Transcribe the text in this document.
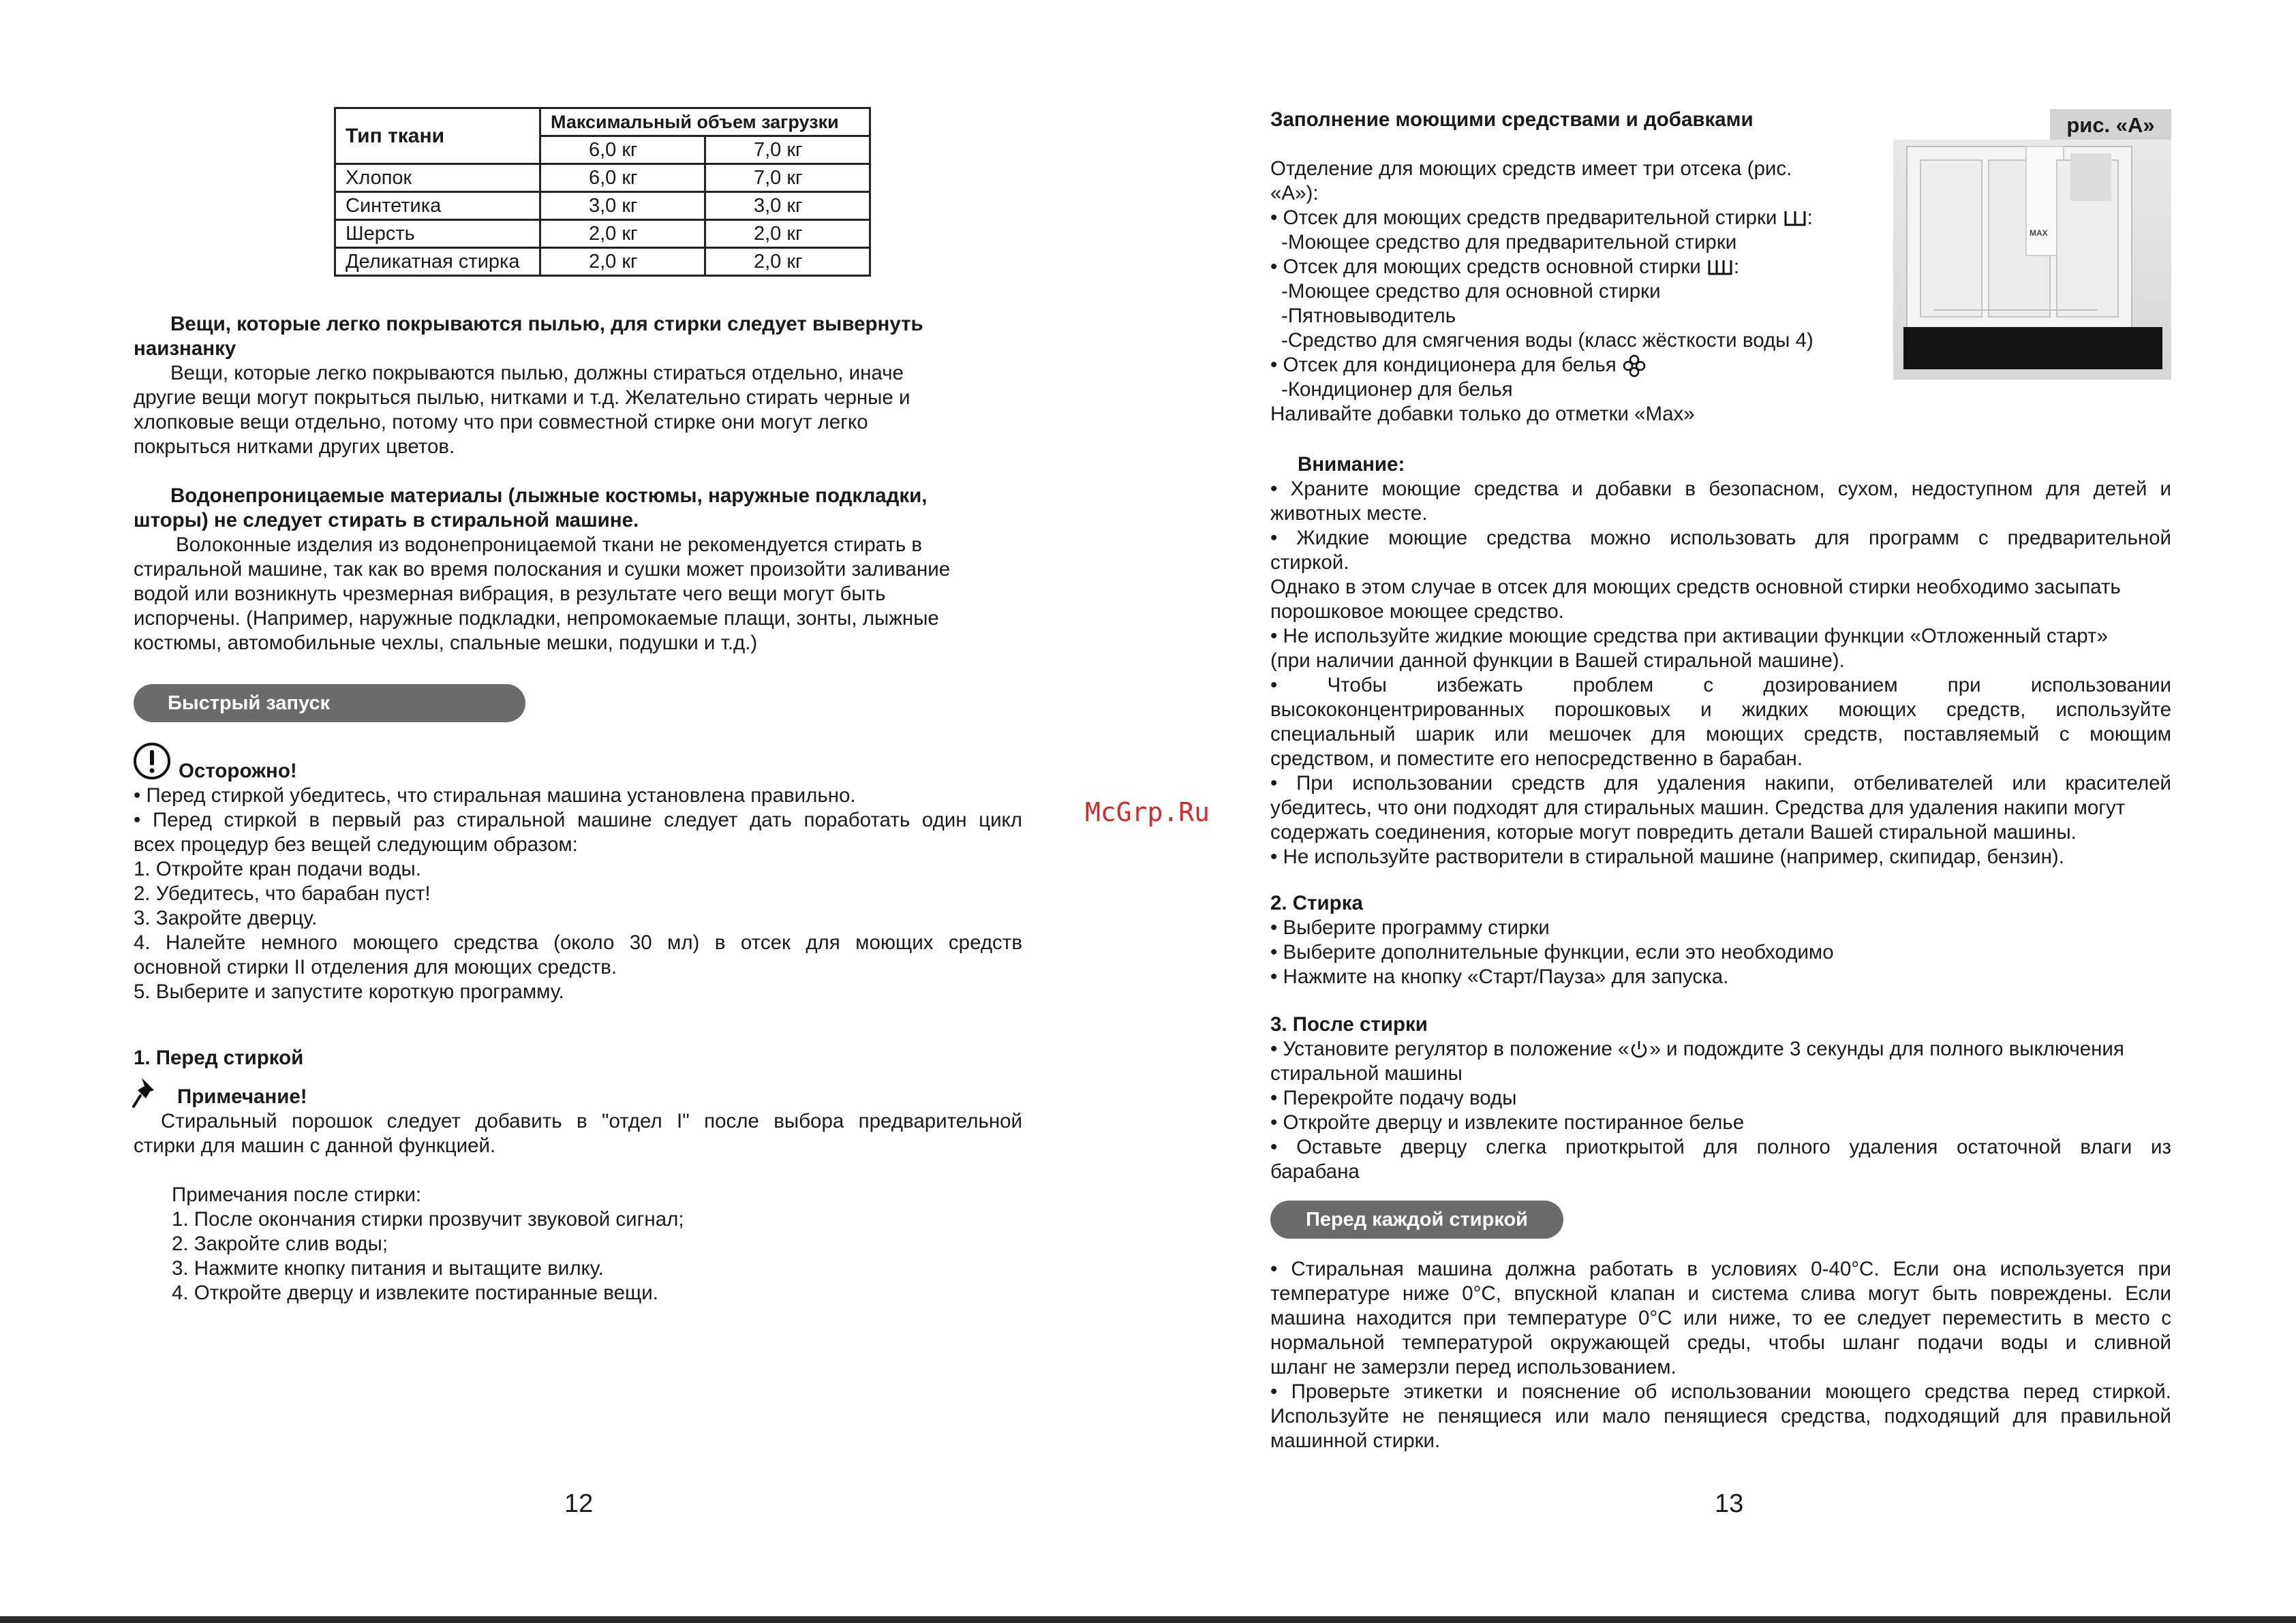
Тип ткани	Максимальный объем загрузки	
	6,0 кг	7,0 кг
Хлопок	6,0 кг	7,0 кг
Синтетика	3,0 кг	3,0 кг
Шерсть	2,0 кг	2,0 кг
Деликатная стирка	2,0 кг	2,0 кг
Вещи, которые легко покрываются пылью, для стирки следует вывернуть
наизнанку
Вещи, которые легко покрываются пылью, должны стираться отдельно, иначе
другие вещи могут покрыться пылью, нитками и т.д. Желательно стирать черные и
хлопковые вещи отдельно, потому что при совместной стирке они могут легко
покрыться нитками других цветов.
Водонепроницаемые материалы (лыжные костюмы, наружные подкладки,
шторы) не следует стирать в стиральной машине.
Волоконные изделия из водонепроницаемой ткани не рекомендуется стирать в
стиральной машине, так как во время полоскания и сушки может произойти заливание
водой или возникнуть чрезмерная вибрация, в результате чего вещи могут быть
испорчены. (Например, наружные подкладки, непромокаемые плащи, зонты, лыжные
костюмы, автомобильные чехлы, спальные мешки, подушки и т.д.)
Быстрый запуск
Осторожно!
• Перед стиркой убедитесь, что стиральная машина установлена правильно.
• Перед стиркой в первый раз стиральной машине следует дать поработать один цикл
всех процедур без вещей следующим образом:
1. Откройте кран подачи воды.
2. Убедитесь, что барабан пуст!
3. Закройте дверцу.
4. Налейте немного моющего средства (около 30 мл) в отсек для моющих средств
основной стирки II отделения для моющих средств.
5. Выберите и запустите короткую программу.
1. Перед стиркой
Примечание!
Стиральный порошок следует добавить в "отдел I" после выбора предварительной
стирки для машин с данной функцией.
Примечания после стирки:
1. После окончания стирки прозвучит звуковой сигнал;
2. Закройте слив воды;
3. Нажмите кнопку питания и вытащите вилку.
4. Откройте дверцу и извлеките постиранные вещи.
12
McGrp.Ru
Заполнение моющими средствами и добавками	рис. «А»
MAX
Отделение для моющих средств имеет три отсека (рис.
«А»):
• Отсек для моющих средств предварительной стирки :
-Моющее средство для предварительной стирки
• Отсек для моющих средств основной стирки :
-Моющее средство для основной стирки
-Пятновыводитель
-Средство для смягчения воды (класс жёсткости воды 4)
• Отсек для кондиционера для белья
-Кондиционер для белья
Наливайте добавки только до отметки «Max»
Внимание:
• Храните моющие средства и добавки в безопасном, сухом, недоступном для детей и
животных месте.
• Жидкие моющие средства можно использовать для программ с предварительной
стиркой.
Однако в этом случае в отсек для моющих средств основной стирки необходимо засыпать
порошковое моющее средство.
• Не используйте жидкие моющие средства при активации функции «Отложенный старт»
(при наличии данной функции в Вашей стиральной машине).
• Чтобы избежать проблем с дозированием при использовании
высококонцентрированных порошковых и жидких моющих средств, используйте
специальный шарик или мешочек для моющих средств, поставляемый с моющим
средством, и поместите его непосредственно в барабан.
• При использовании средств для удаления накипи, отбеливателей или красителей
убедитесь, что они подходят для стиральных машин. Средства для удаления накипи могут
содержать соединения, которые могут повредить детали Вашей стиральной машины.
• Не используйте растворители в стиральной машине (например, скипидар, бензин).
2. Стирка
• Выберите программу стирки
• Выберите дополнительные функции, если это необходимо
• Нажмите на кнопку «Старт/Пауза» для запуска.
3. После стирки
• Установите регулятор в положение « » и подождите 3 секунды для полного выключения
стиральной машины
• Перекройте подачу воды
• Откройте дверцу и извлеките постиранное белье
• Оставьте дверцу слегка приоткрытой для полного удаления остаточной влаги из
барабана
Перед каждой стиркой
• Стиральная машина должна работать в условиях 0-40°C. Если она используется при
температуре ниже 0°C, впускной клапан и система слива могут быть повреждены. Если
машина находится при температуре 0°C или ниже, то ее следует переместить в место с
нормальной температурой окружающей среды, чтобы шланг подачи воды и сливной
шланг не замерзли перед использованием.
• Проверьте этикетки и пояснение об использовании моющего средства перед стиркой.
Используйте не пенящиеся или мало пенящиеся средства, подходящий для правильной
машинной стирки.
13
